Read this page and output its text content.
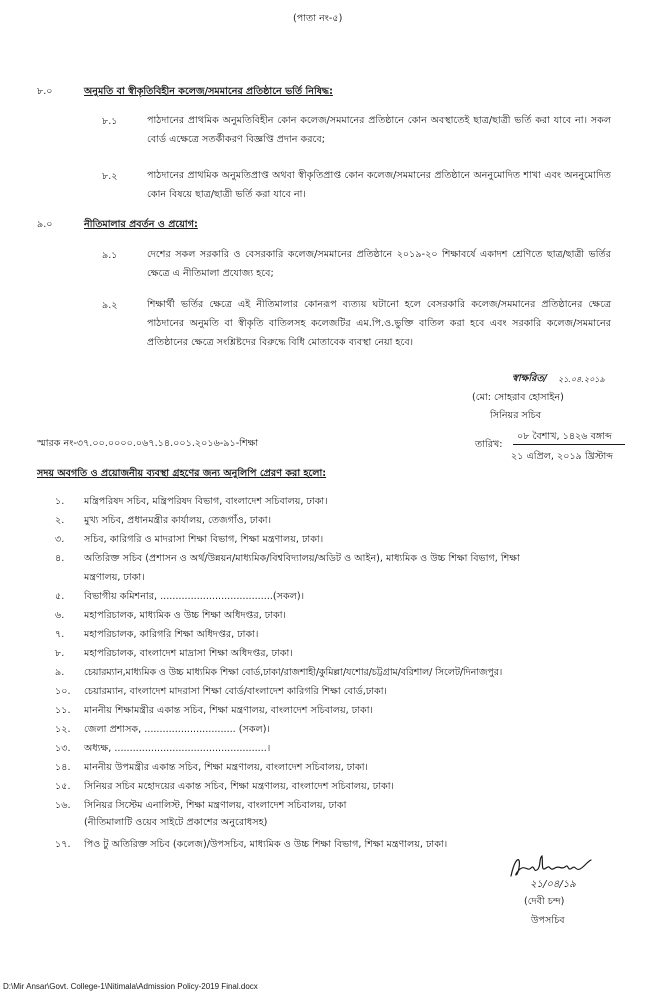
(পাতা নং-৫)
৮.০	অনুমতি বা স্বীকৃতিবিহীন কলেজ/সমমানের প্রতিষ্ঠানে ভর্তি নিষিদ্ধ:
৮.১	পাঠদানের প্রাথমিক অনুমতিবিহীন কোন কলেজ/সমমানের প্রতিষ্ঠানে কোন অবস্থাতেই ছাত্র/ছাত্রী ভর্তি করা যাবে না। সকল বোর্ড এক্ষেত্রে সতর্কীকরণ বিজ্ঞপ্তি প্রদান করবে;
৮.২	পাঠদানের প্রাথমিক অনুমতিপ্রাপ্ত অথবা স্বীকৃতিপ্রাপ্ত কোন কলেজ/সমমানের প্রতিষ্ঠানে অননুমোদিত শাখা এবং অননুমোদিত কোন বিষয়ে ছাত্র/ছাত্রী ভর্তি করা যাবে না।
৯.০	নীতিমালার প্রবর্তন ও প্রয়োগ:
৯.১	দেশের সকল সরকারি ও বেসরকারি কলেজ/সমমানের প্রতিষ্ঠানে ২০১৯-২০ শিক্ষাবর্ষে একাদশ শ্রেণিতে ছাত্র/ছাত্রী ভর্তির ক্ষেত্রে এ নীতিমালা প্রযোজ্য হবে;
৯.২	শিক্ষার্থী ভর্তির ক্ষেত্রে এই নীতিমালার কোনরূপ ব্যত্যয় ঘটানো হলে বেসরকারি কলেজ/সমমানের প্রতিষ্ঠানের ক্ষেত্রে পাঠদানের অনুমতি বা স্বীকৃতি বাতিলসহ কলেজটির এম.পি.ও.ভুক্তি বাতিল করা হবে এবং সরকারি কলেজ/সমমানের প্রতিষ্ঠানের ক্ষেত্রে সংশ্লিষ্টদের বিরুদ্ধে বিধি মোতাবেক ব্যবস্থা নেয়া হবে।
স্বাক্ষরিত/ ২১.০৪.২০১৯
(মো: সোহরাব হোসাইন)
সিনিয়র সচিব
স্মারক নং-৩৭.০০.০০০০.০৬৭.১৪.০০১.২০১৬-৯১-শিক্ষা	তারিখ:
০৮ বৈশাখ, ১৪২৬ বঙ্গাব্দ
২১ এপ্রিল, ২০১৯ খ্রিস্টাব্দ
সদয় অবগতি ও প্রয়োজনীয় ব্যবস্থা গ্রহণের জন্য অনুলিপি প্রেরণ করা হলো:
১. মন্ত্রিপরিষদ সচিব, মন্ত্রিপরিষদ বিভাগ, বাংলাদেশ সচিবালয়, ঢাকা।
২. মুখ্য সচিব, প্রধানমন্ত্রীর কার্যালয়, তেজগাঁও, ঢাকা।
৩. সচিব, কারিগরি ও মাদরাসা শিক্ষা বিভাগ, শিক্ষা মন্ত্রণালয়, ঢাকা।
৪. অতিরিক্ত সচিব (প্রশাসন ও অর্থ/উন্নয়ন/মাধ্যমিক/বিশ্ববিদ্যালয়/অডিট ও আইন), মাধ্যমিক ও উচ্চ শিক্ষা বিভাগ, শিক্ষা
মন্ত্রণালয়, ঢাকা।
৫. বিভাগীয় কমিশনার, .....................................(সকল)।
৬. মহাপরিচালক, মাধ্যমিক ও উচ্চ শিক্ষা অধিদপ্তর, ঢাকা।
৭. মহাপরিচালক, কারিগরি শিক্ষা অধিদপ্তর, ঢাকা।
৮. মহাপরিচালক, বাংলাদেশ মাদ্রাসা শিক্ষা অধিদপ্তর, ঢাকা।
৯. চেয়ারম্যান,মাধ্যমিক ও উচ্চ মাধ্যমিক শিক্ষা বোর্ড,ঢাকা/রাজশাহী/কুমিল্লা/যশোর/চট্টগ্রাম/বরিশাল/ সিলেট/দিনাজপুর।
১০. চেয়ারম্যান, বাংলাদেশ মাদরাসা শিক্ষা বোর্ড/বাংলাদেশ কারিগরি শিক্ষা বোর্ড,ঢাকা।
১১. মাননীয় শিক্ষামন্ত্রীর একান্ত সচিব, শিক্ষা মন্ত্রণালয়, বাংলাদেশ সচিবালয়, ঢাকা।
১২. জেলা প্রশাসক, .............................. (সকল)।
১৩. অধ্যক্ষ, ..................................................।
১৪. মাননীয় উপমন্ত্রীর একান্ত সচিব, শিক্ষা মন্ত্রণালয়, বাংলাদেশ সচিবালয়, ঢাকা।
১৫. সিনিয়র সচিব মহোদয়ের একান্ত সচিব, শিক্ষা মন্ত্রণালয়, বাংলাদেশ সচিবালয়, ঢাকা।
১৬. সিনিয়র সিস্টেম এনালিস্ট, শিক্ষা মন্ত্রণালয়, বাংলাদেশ সচিবালয়, ঢাকা
(নীতিমালাটি ওয়েব সাইটে প্রকাশের অনুরোধসহ)
১৭. পিও টু অতিরিক্ত সচিব (কলেজ)/উপসচিব, মাধ্যমিক ও উচ্চ শিক্ষা বিভাগ, শিক্ষা মন্ত্রণালয়, ঢাকা।
২১/০৪/১৯
(দেবী চন্দ)
উপসচিব
D:\Mir Ansar\Govt. College-1\Nitimala\Admission Policy-2019 Final.docx
